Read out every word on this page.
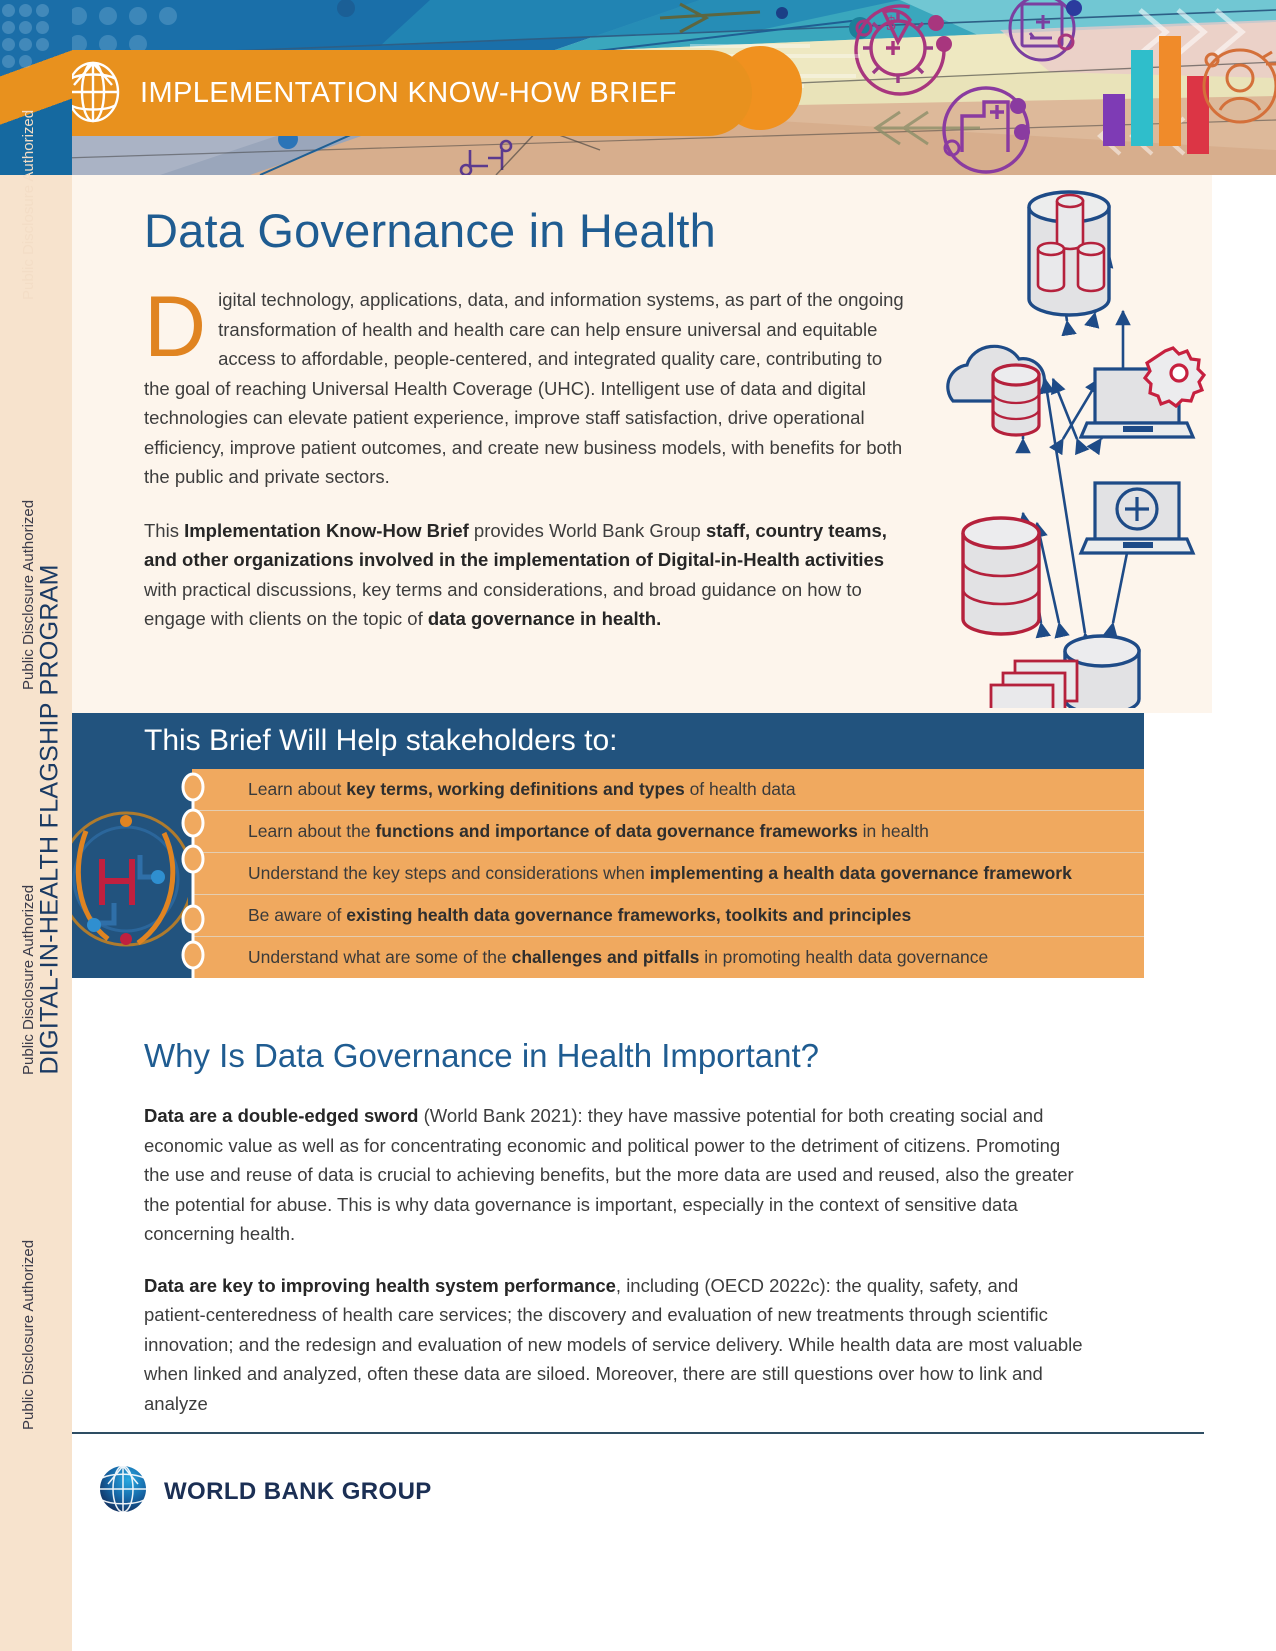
$
IMPLEMENTATION KNOW-HOW BRIEF
DIGITAL-IN-HEALTH FLAGSHIP PROGRAM
Public Disclosure Authorized
Public Disclosure Authorized
Public Disclosure Authorized
Public Disclosure Authorized
Data Governance in Health

Digital technology, applications, data, and information systems, as part of the ongoing transformation of health and health care can help ensure universal and equitable access to affordable, people-centered, and integrated quality care, contributing to the goal of reaching Universal Health Coverage (UHC). Intelligent use of data and digital technologies can elevate patient experience, improve staff satisfaction, drive operational efficiency, improve patient outcomes, and create new business models, with benefits for both the public and private sectors.

This Implementation Know-How Brief provides World Bank Group staff, country teams, and other organizations involved in the implementation of Digital-in-Health activities with practical discussions, key terms and considerations, and broad guidance on how to engage with clients on the topic of data governance in health.

This Brief Will Help stakeholders to:
Learn about key terms, working definitions and types of health data
Learn about the functions and importance of data governance frameworks in health
Understand the key steps and considerations when implementing a health data governance framework
Be aware of existing health data governance frameworks, toolkits and principles
Understand what are some of the challenges and pitfalls in promoting health data governance
Why Is Data Governance in Health Important?

Data are a double-edged sword (World Bank 2021): they have massive potential for both creating social and economic value as well as for concentrating economic and political power to the detriment of citizens. Promoting the use and reuse of data is crucial to achieving benefits, but the more data are used and reused, also the greater the potential for abuse. This is why data governance is important, especially in the context of sensitive data concerning health.

Data are key to improving health system performance, including (OECD 2022c): the quality, safety, and patient-centeredness of health care services; the discovery and evaluation of new treatments through scientific innovation; and the redesign and evaluation of new models of service delivery. While health data are most valuable when linked and analyzed, often these data are siloed. Moreover, there are still questions over how to link and analyze

WORLD BANK GROUP
